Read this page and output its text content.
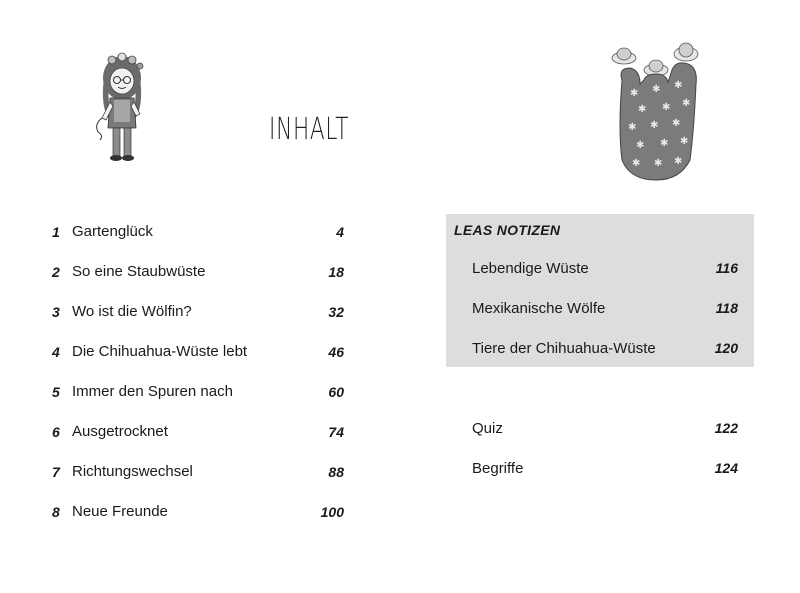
INHALT
✱ ✱ ✱
✱ ✱ ✱
✱ ✱ ✱
✱ ✱ ✱
✱ ✱ ✱
1 Gartenglück	4
2 So eine Staubwüste	18
3 Wo ist die Wölfin?	32
4 Die Chihuahua-Wüste lebt	46
5 Immer den Spuren nach	60
6 Ausgetrocknet	74
7 Richtungswechsel	88
8 Neue Freunde	100
LEAS NOTIZEN
Lebendige Wüste	116
Mexikanische Wölfe	118
Tiere der Chihuahua-Wüste	120
Quiz	122
Begriffe	124
